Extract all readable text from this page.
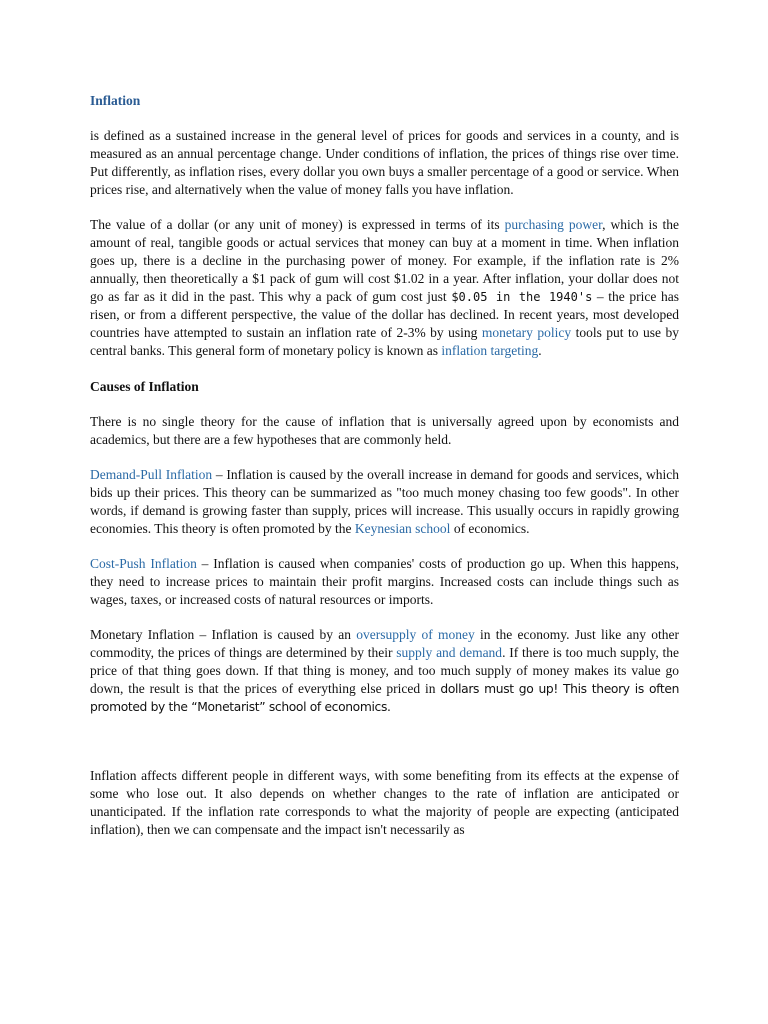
Inflation

is defined as a sustained increase in the general level of prices for goods and services in a county, and is measured as an annual percentage change. Under conditions of inflation, the prices of things rise over time. Put differently, as inflation rises, every dollar you own buys a smaller percentage of a good or service. When prices rise, and alternatively when the value of money falls you have inflation.

The value of a dollar (or any unit of money) is expressed in terms of its purchasing power, which is the amount of real, tangible goods or actual services that money can buy at a moment in time. When inflation goes up, there is a decline in the purchasing power of money. For example, if the inflation rate is 2% annually, then theoretically a $1 pack of gum will cost $1.02 in a year. After inflation, your dollar does not go as far as it did in the past. This why a pack of gum cost just $0.05 in the 1940's – the price has risen, or from a different perspective, the value of the dollar has declined. In recent years, most developed countries have attempted to sustain an inflation rate of 2-3% by using monetary policy tools put to use by central banks. This general form of monetary policy is known as inflation targeting.

Causes of Inflation

There is no single theory for the cause of inflation that is universally agreed upon by economists and academics, but there are a few hypotheses that are commonly held.

Demand-Pull Inflation – Inflation is caused by the overall increase in demand for goods and services, which bids up their prices. This theory can be summarized as "too much money chasing too few goods". In other words, if demand is growing faster than supply, prices will increase. This usually occurs in rapidly growing economies. This theory is often promoted by the Keynesian school of economics.

Cost-Push Inflation – Inflation is caused when companies' costs of production go up. When this happens, they need to increase prices to maintain their profit margins. Increased costs can include things such as wages, taxes, or increased costs of natural resources or imports.

Monetary Inflation – Inflation is caused by an oversupply of money in the economy. Just like any other commodity, the prices of things are determined by their supply and demand. If there is too much supply, the price of that thing goes down. If that thing is money, and too much supply of money makes its value go down, the result is that the prices of everything else priced in dollars must go up! This theory is often promoted by the “Monetarist” school of economics.

Inflation affects different people in different ways, with some benefiting from its effects at the expense of some who lose out. It also depends on whether changes to the rate of inflation are anticipated or unanticipated. If the inflation rate corresponds to what the majority of people are expecting (anticipated inflation), then we can compensate and the impact isn't necessarily as
